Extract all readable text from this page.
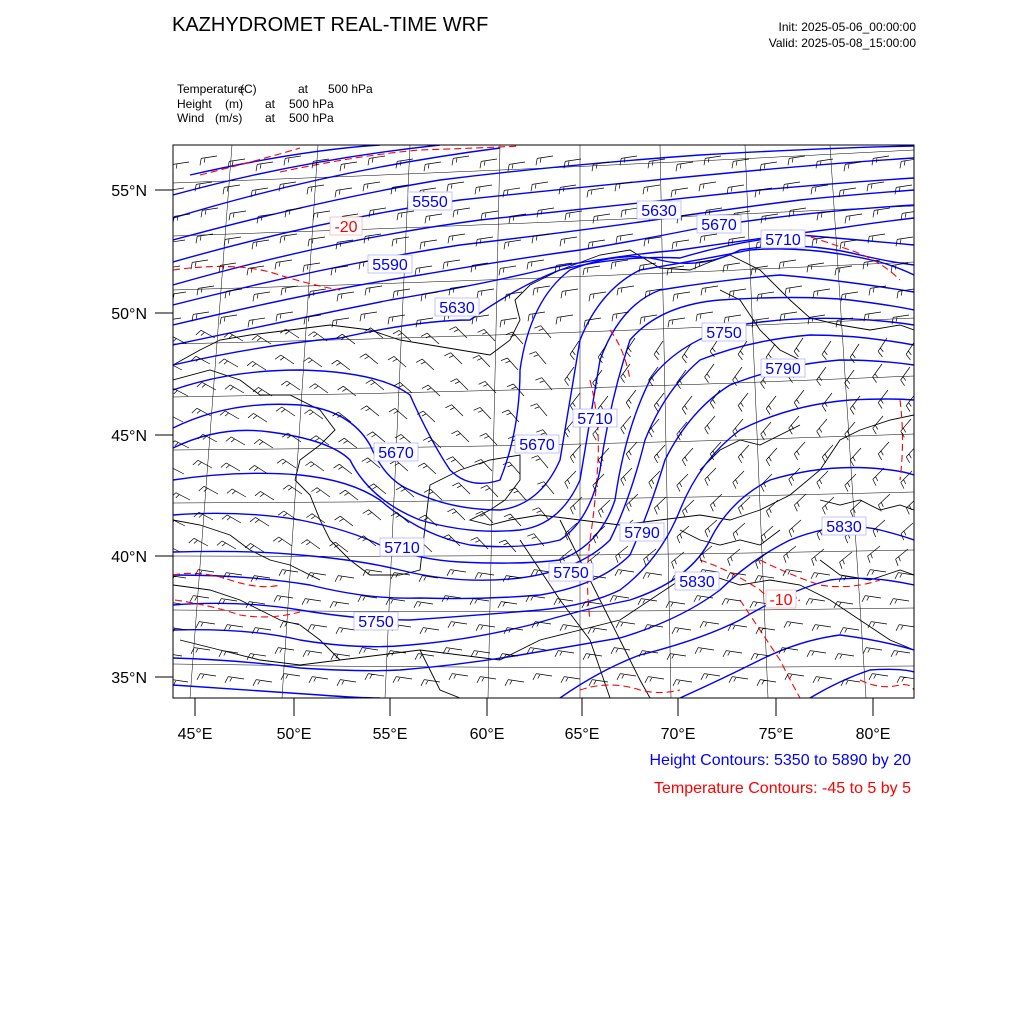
KAZHYDROMET REAL-TIME WRF	Init: 2025-05-06_00:00:00
Valid: 2025-05-08_15:00:00
Temperature(C)	at 500 hPa
Height (m) at 500 hPa
Wind (m/s) at 500 hPa
55°N
50°N
45°N
40°N
35°N
45°E	50°E	55°E	60°E	65°E	70°E	75°E	80°E
5550
5630
5670
5710
5590
5630
5750
5790
5710
5670
5670
5710
5790	5830
5750
5830
5750
-20
-10
Height Contours: 5350 to 5890 by 20
Temperature Contours: -45 to 5 by 5
